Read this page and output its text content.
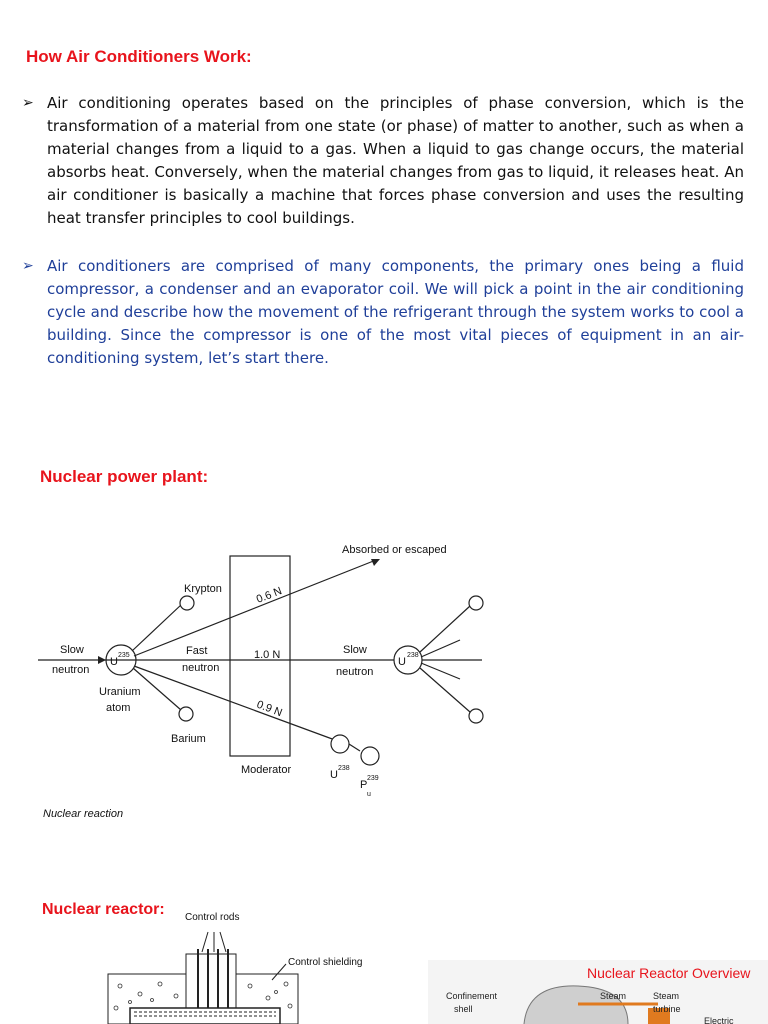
How Air Conditioners Work:
➢ Air conditioning operates based on the principles of phase conversion, which is the transformation of a material from one state (or phase) of matter to another, such as when a material changes from a liquid to a gas. When a liquid to gas change occurs, the material absorbs heat. Conversely, when the material changes from gas to liquid, it releases heat. An air conditioner is basically a machine that forces phase conversion and uses the resulting heat transfer principles to cool buildings.
➢ Air conditioners are comprised of many components, the primary ones being a fluid compressor, a condenser and an evaporator coil. We will pick a point in the air conditioning cycle and describe how the movement of the refrigerant through the system works to cool a building. Since the compressor is one of the most vital pieces of equipment in an air-conditioning system, let’s start there.
Nuclear power plant:
Absorbed or escaped
Krypton	0.6 N
Slow
neutron
Fast
neutron
1.0 N	Slow
neutron
U
235
U
238
Uranium
atom
Barium
0.9 N
Moderator	U
238
P
239
u
Nuclear reaction
Nuclear reactor: Control rods
Control shielding
Nuclear Reactor Overview
Confinement
shell
Steam	Steam
turbine
Electric
